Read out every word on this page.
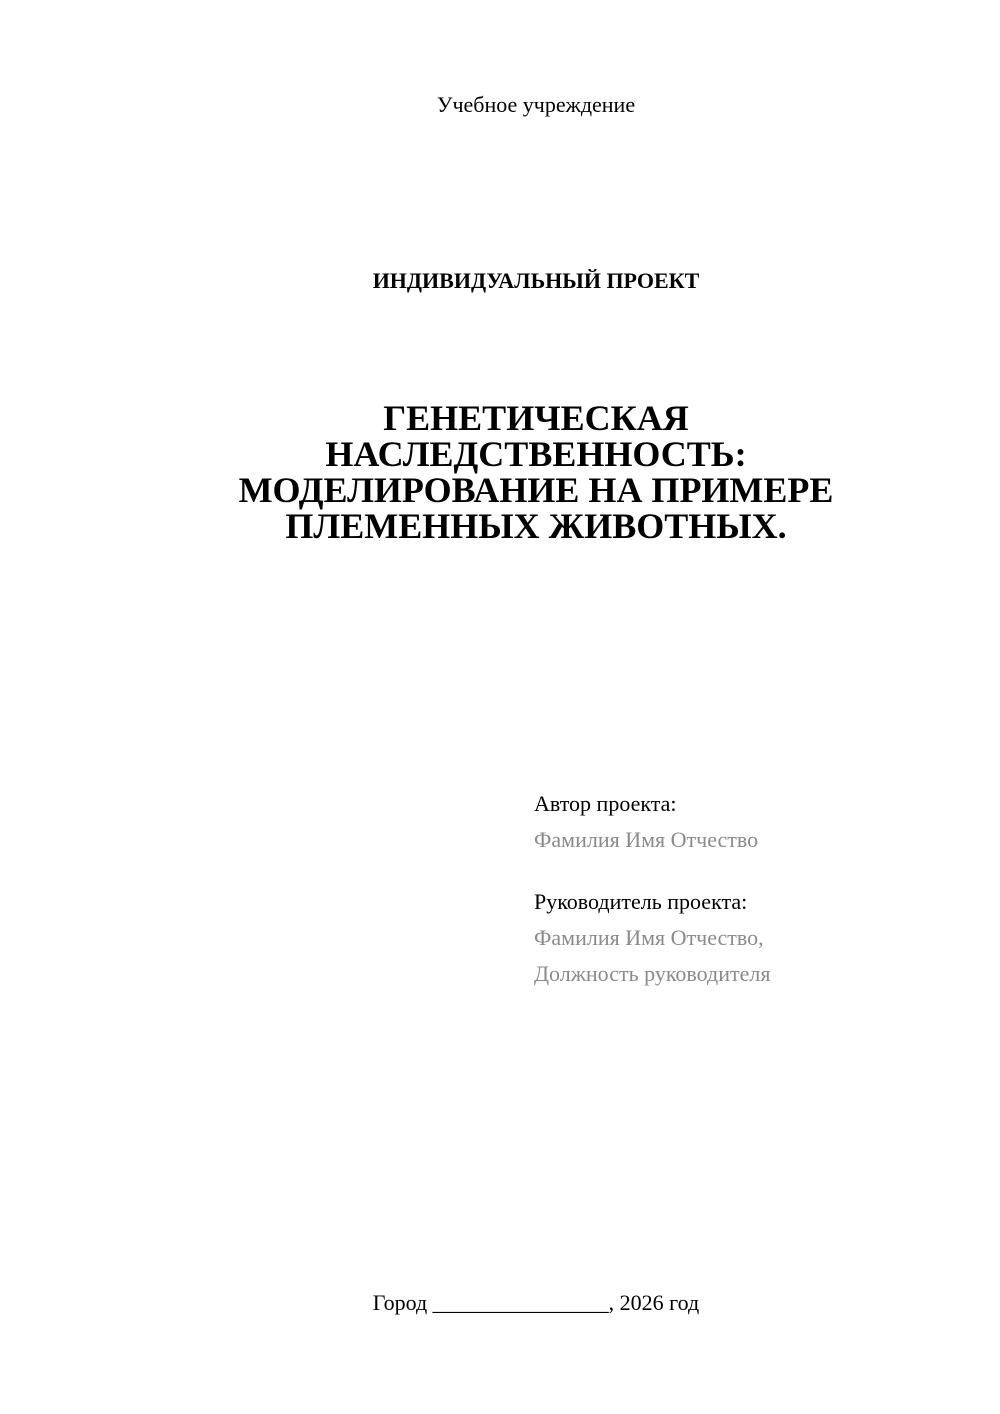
Учебное учреждение
ИНДИВИДУАЛЬНЫЙ ПРОЕКТ
ГЕНЕТИЧЕСКАЯ
НАСЛЕДСТВЕННОСТЬ:
МОДЕЛИРОВАНИЕ НА ПРИМЕРЕ
ПЛЕМЕННЫХ ЖИВОТНЫХ.
Автор проекта:
Фамилия Имя Отчество
Руководитель проекта:
Фамилия Имя Отчество,
Должность руководителя
Город ________________, 2026 год
